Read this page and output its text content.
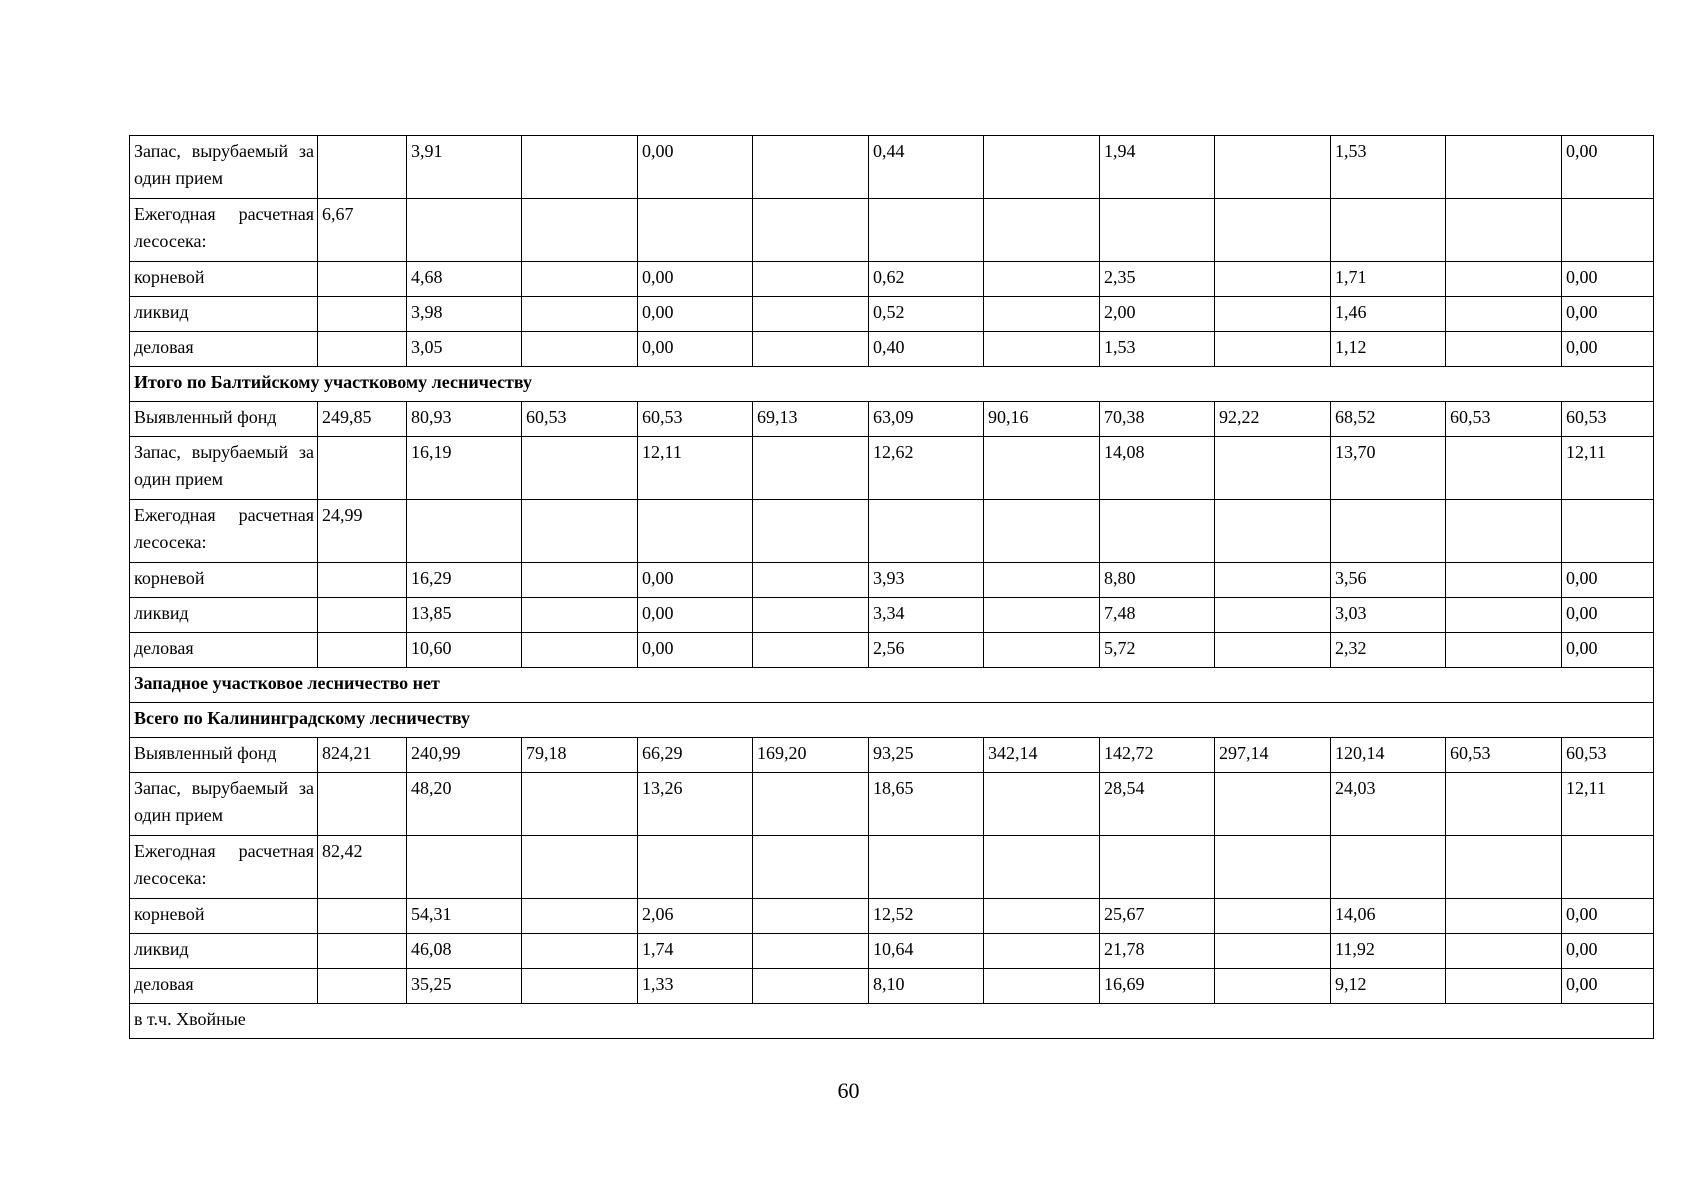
Запас, вырубаемый за один прием		3,91		0,00		0,44		1,94		1,53		0,00
Ежегодная расчетная лесосека:	6,67											
корневой		4,68		0,00		0,62		2,35		1,71		0,00
ликвид		3,98		0,00		0,52		2,00		1,46		0,00
деловая		3,05		0,00		0,40		1,53		1,12		0,00
Итого по Балтийскому участковому лесничеству												
Выявленный фонд	249,85	80,93	60,53	60,53	69,13	63,09	90,16	70,38	92,22	68,52	60,53	60,53
Запас, вырубаемый за один прием		16,19		12,11		12,62		14,08		13,70		12,11
Ежегодная расчетная лесосека:	24,99											
корневой		16,29		0,00		3,93		8,80		3,56		0,00
ликвид		13,85		0,00		3,34		7,48		3,03		0,00
деловая		10,60		0,00		2,56		5,72		2,32		0,00
Западное участковое лесничество нет												
Всего по Калининградскому лесничеству												
Выявленный фонд	824,21	240,99	79,18	66,29	169,20	93,25	342,14	142,72	297,14	120,14	60,53	60,53
Запас, вырубаемый за один прием		48,20		13,26		18,65		28,54		24,03		12,11
Ежегодная расчетная лесосека:	82,42											
корневой		54,31		2,06		12,52		25,67		14,06		0,00
ликвид		46,08		1,74		10,64		21,78		11,92		0,00
деловая		35,25		1,33		8,10		16,69		9,12		0,00
в т.ч. Хвойные												
60
